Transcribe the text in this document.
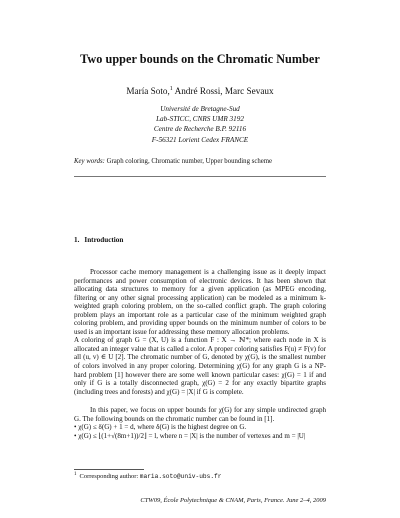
Two upper bounds on the Chromatic Number
María Soto,$^1$ André Rossi, Marc Sevaux
Université de Bretagne-Sud
Lab-STICC, CNRS UMR 3192
Centre de Recherche B.P. 92116
F-56321 Lorient Cedex FRANCE
Key words: Graph coloring, Chromatic number, Upper bounding scheme
1. Introduction

Processor cache memory management is a challenging issue as it deeply impact performances and power consumption of electronic devices. It has been shown that allocating data structures to memory for a given application (as MPEG encoding, filtering or any other signal processing application) can be modeled as a minimum k-weighted graph coloring problem, on the so-called conflict graph. The graph coloring problem plays an important role as a particular case of the minimum weighted graph coloring problem, and providing upper bounds on the minimum number of colors to be used is an important issue for addressing these memory allocation problems.

A coloring of graph G = (X, U) is a function F : X → ℕ*; where each node in X is allocated an integer value that is called a color. A proper coloring satisfies F(u) ≠ F(v) for all (u, v) ∈ U [2]. The chromatic number of G, denoted by χ(G), is the smallest number of colors involved in any proper coloring. Determining χ(G) for any graph G is a NP-hard problem [1] however there are some well known particular cases: χ(G) = 1 if and only if G is a totally disconnected graph, χ(G) = 2 for any exactly bipartite graphs (including trees and forests) and χ(G) = |X| if G is complete.

In this paper, we focus on upper bounds for χ(G) for any simple undirected graph G. The following bounds on the chromatic number can be found in [1].

• χ(G) ≤ δ(G) + 1 = d, where δ(G) is the highest degree on G.

• χ(G) ≤ ⌊(1+√(8m+1))/2⌋ = l, where n = |X| is the number of vertexes and m = |U|

$^1$ Corresponding author: maria.soto@univ-ubs.fr
CTW09, École Polytechnique & CNAM, Paris, France. June 2–4, 2009
